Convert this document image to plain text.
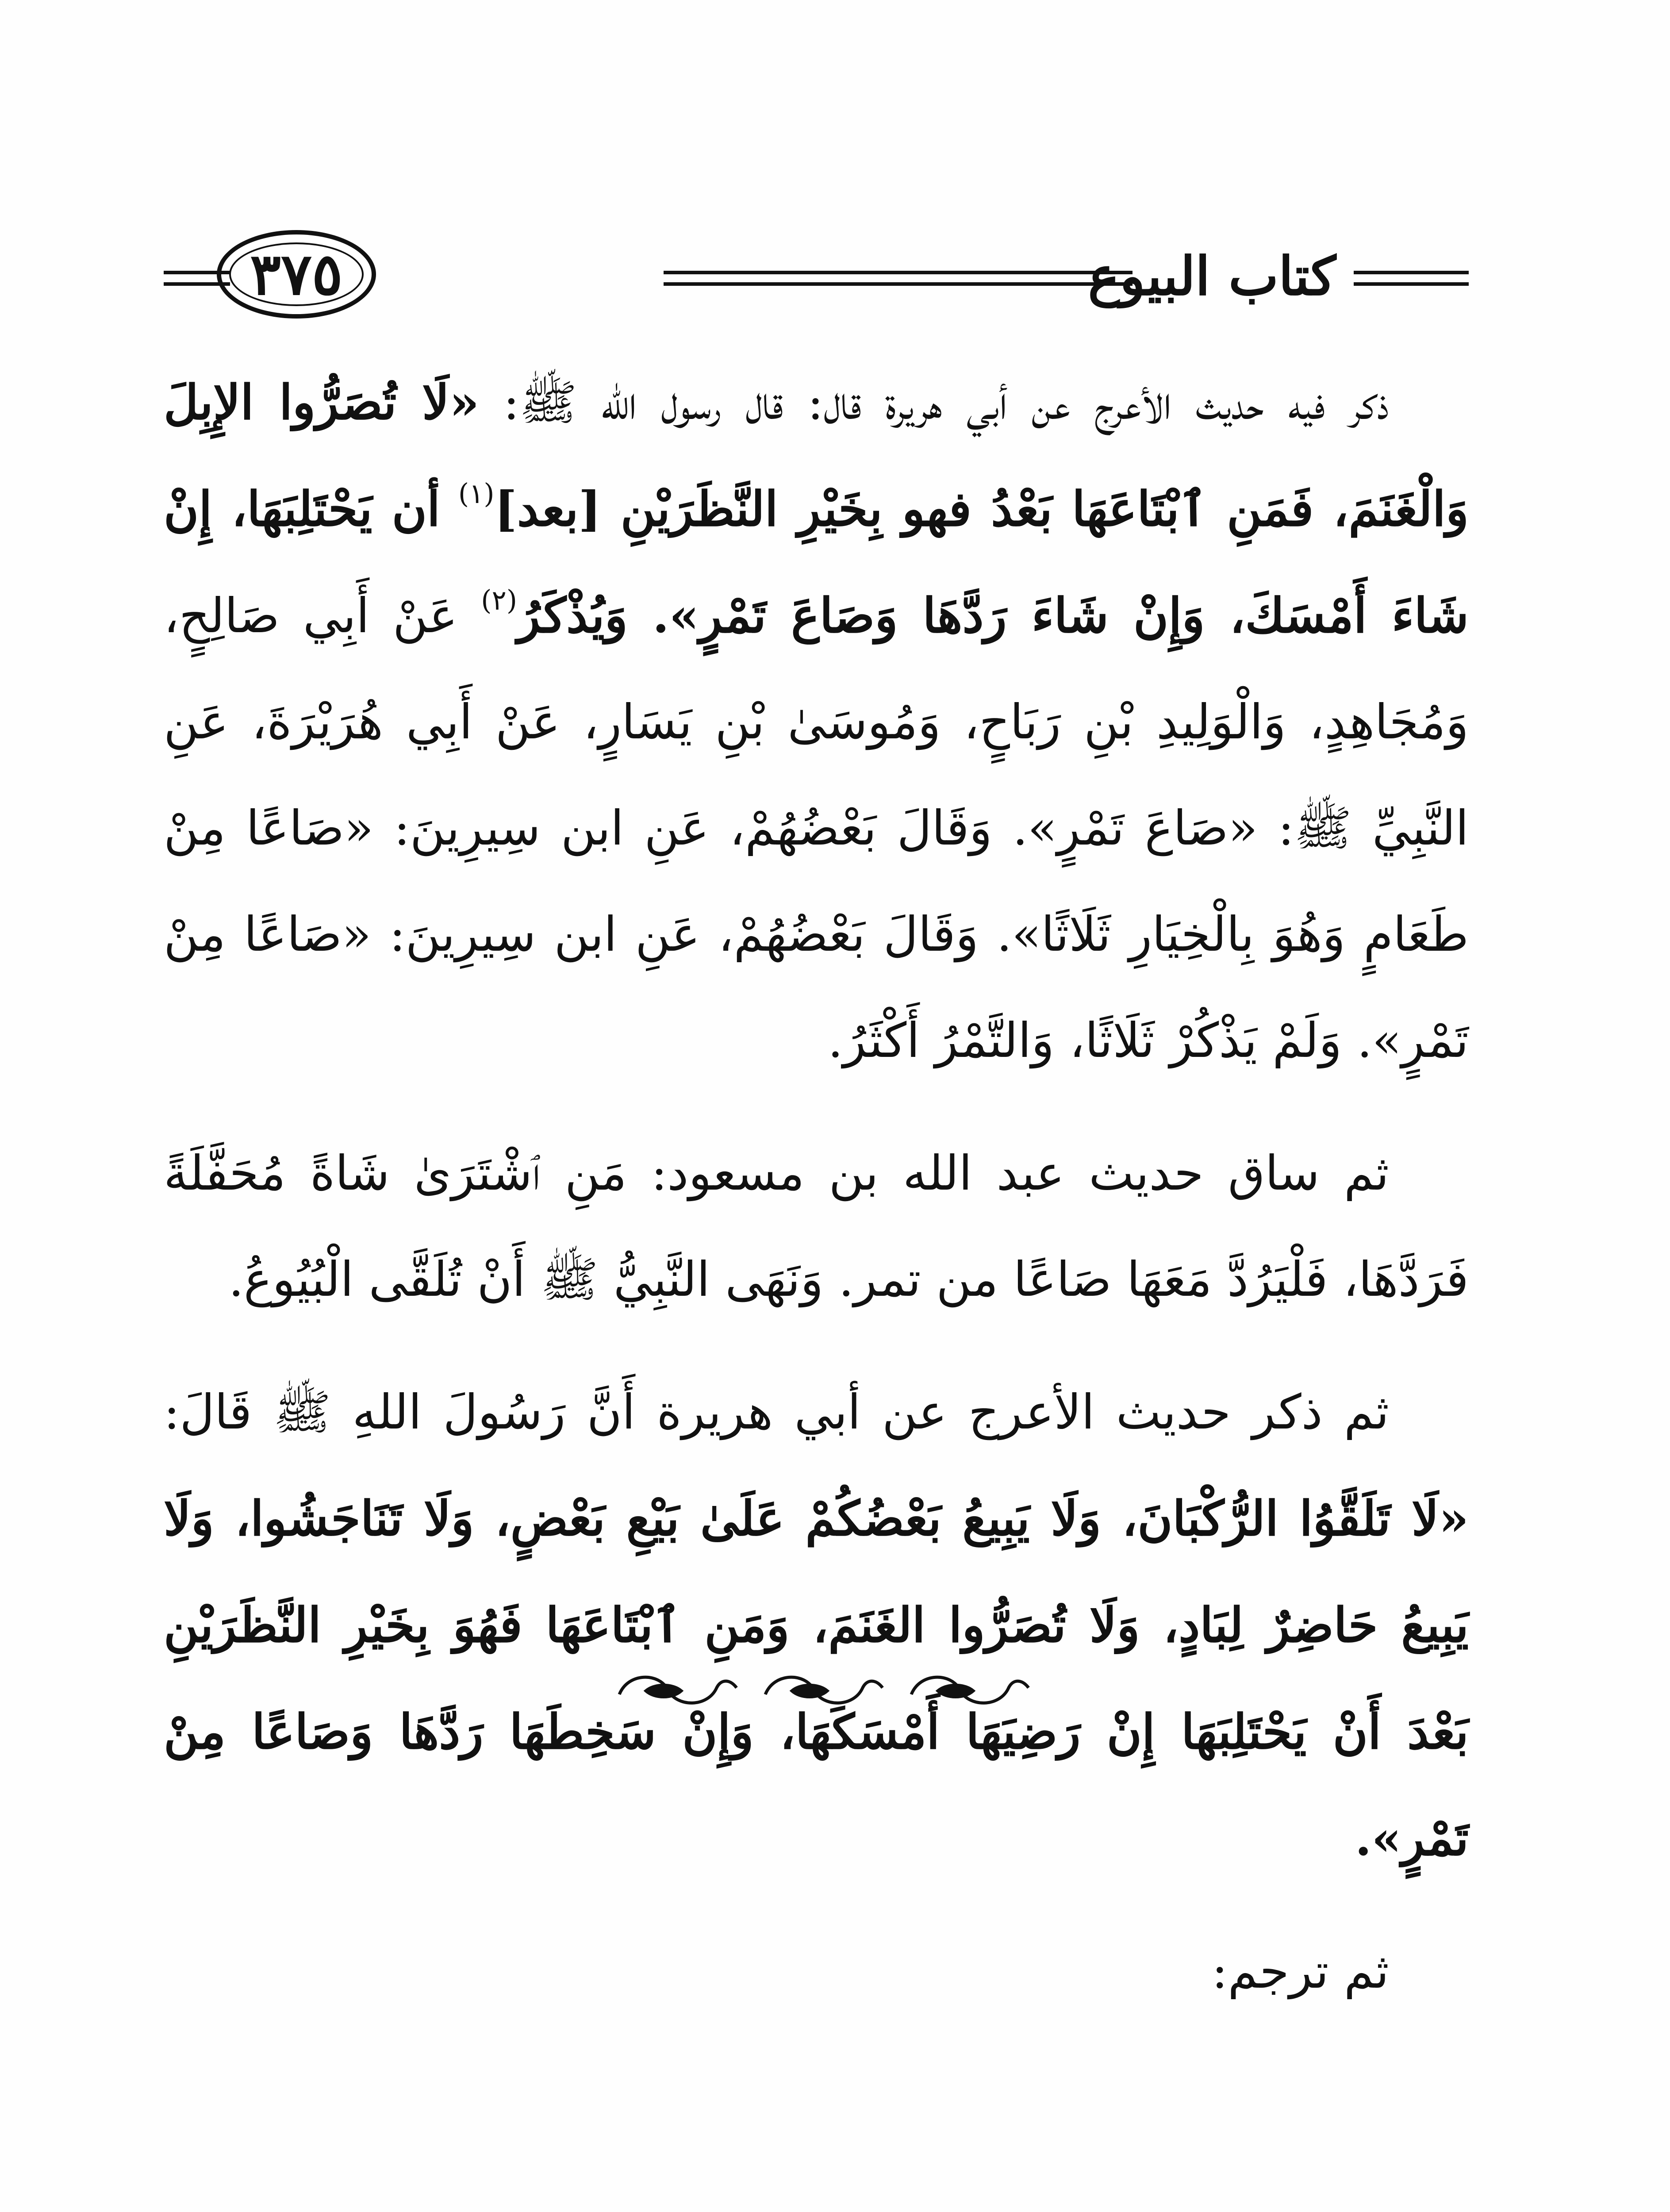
كتاب البيوع
٣٧٥

ذكر فيه حديث الأعرج عن أبي هريرة قال: قال رسول الله ﷺ: «لَا تُصَرُّوا الإِبِلَ وَالْغَنَمَ، فَمَنِ ٱبْتَاعَهَا بَعْدُ فهو بِخَيْرِ النَّظَرَيْنِ [بعد]$^{(١)}$ أن يَحْتَلِبَهَا، إِنْ شَاءَ أَمْسَكَ، وَإِنْ شَاءَ رَدَّهَا وَصَاعَ تَمْرٍ». وَيُذْكَرُ$^{(٢)}$ عَنْ أَبِي صَالِحٍ، وَمُجَاهِدٍ، وَالْوَلِيدِ بْنِ رَبَاحٍ، وَمُوسَىٰ بْنِ يَسَارٍ، عَنْ أَبِي هُرَيْرَةَ، عَنِ النَّبِيِّ ﷺ: «صَاعَ تَمْرٍ». وَقَالَ بَعْضُهُمْ، عَنِ ابن سِيرِينَ: «صَاعًا مِنْ طَعَامٍ وَهُوَ بِالْخِيَارِ ثَلَاثًا». وَقَالَ بَعْضُهُمْ، عَنِ ابن سِيرِينَ: «صَاعًا مِنْ تَمْرٍ». وَلَمْ يَذْكُرْ ثَلَاثًا، وَالتَّمْرُ أَكْثَرُ.

ثم ساق حديث عبد الله بن مسعود: مَنِ ٱشْتَرَىٰ شَاةً مُحَفَّلَةً فَرَدَّهَا، فَلْيَرُدَّ مَعَهَا صَاعًا من تمر. وَنَهَى النَّبِيُّ ﷺ أَنْ تُلَقَّى الْبُيُوعُ.

ثم ذكر حديث الأعرج عن أبي هريرة أَنَّ رَسُولَ اللهِ ﷺ قَالَ: «لَا تَلَقَّوُا الرُّكْبَانَ، وَلَا يَبِيعُ بَعْضُكُمْ عَلَىٰ بَيْعِ بَعْضٍ، وَلَا تَنَاجَشُوا، وَلَا يَبِيعُ حَاضِرٌ لِبَادٍ، وَلَا تُصَرُّوا الغَنَمَ، وَمَنِ ٱبْتَاعَهَا فَهُوَ بِخَيْرِ النَّظَرَيْنِ بَعْدَ أَنْ يَحْتَلِبَهَا إِنْ رَضِيَهَا أَمْسَكَهَا، وَإِنْ سَخِطَهَا رَدَّهَا وَصَاعًا مِنْ تَمْرٍ».

ثم ترجم:
